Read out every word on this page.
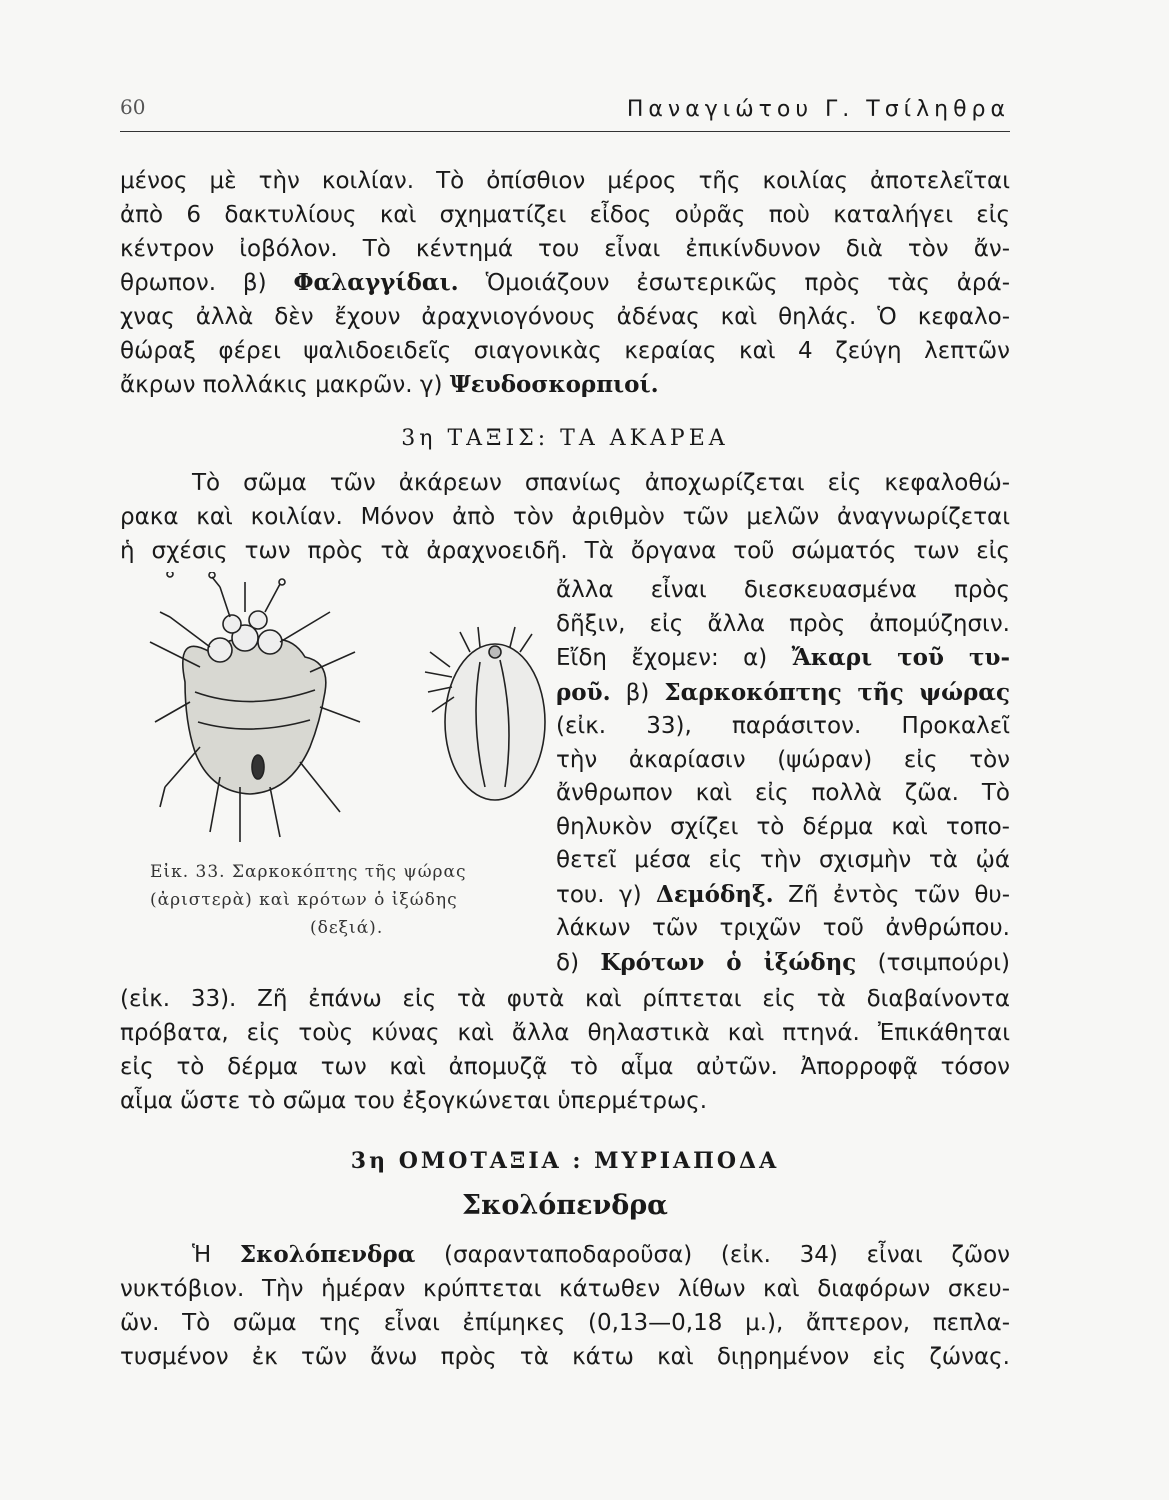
60	Παναγιώτου Γ. Τσίληθρα
μένος μὲ τὴν κοιλίαν. Τὸ ὀπίσθιον μέρος τῆς κοιλίας ἀποτελεῖται
ἀπὸ 6 δακτυλίους καὶ σχηματίζει εἶδος οὐρᾶς ποὺ καταλήγει εἰς
κέντρον ἰοβόλον. Τὸ κέντημά του εἶναι ἐπικίνδυνον διὰ τὸν ἄν-
θρωπον. β) Φαλαγγίδαι. Ὁμοιάζουν ἐσωτερικῶς πρὸς τὰς ἀρά-
χνας ἀλλὰ δὲν ἔχουν ἀραχνιογόνους ἀδένας καὶ θηλάς. Ὁ κεφαλο-
θώραξ φέρει ψαλιδοειδεῖς σιαγονικὰς κεραίας καὶ 4 ζεύγη λεπτῶν
ἄκρων πολλάκις μακρῶν. γ) Ψευδοσκορπιοί.
3η ΤΑΞΙΣ: ΤΑ ΑΚΑΡΕΑ
Τὸ σῶμα τῶν ἀκάρεων σπανίως ἀποχωρίζεται εἰς κεφαλοθώ-
ρακα καὶ κοιλίαν. Μόνον ἀπὸ τὸν ἀριθμὸν τῶν μελῶν ἀναγνωρίζεται
ἡ σχέσις των πρὸς τὰ ἀραχνοειδῆ. Τὰ ὄργανα τοῦ σώματός των εἰς
Εἰκ. 33. Σαρκοκόπτης τῆς ψώρας
(ἀριστερὰ) καὶ κρότων ὁ ἰξώδης
(δεξιά).
ἄλλα εἶναι διεσκευασμένα πρὸς
δῆξιν, εἰς ἄλλα πρὸς ἀπομύζησιν.
Εἴδη ἔχομεν: α) Ἄκαρι τοῦ τυ-
ροῦ. β) Σαρκοκόπτης τῆς ψώρας
(εἰκ. 33), παράσιτον. Προκαλεῖ
τὴν ἀκαρίασιν (ψώραν) εἰς τὸν
ἄνθρωπον καὶ εἰς πολλὰ ζῶα. Τὸ
θηλυκὸν σχίζει τὸ δέρμα καὶ τοπο-
θετεῖ μέσα εἰς τὴν σχισμὴν τὰ ᾠά
του. γ) Δεμόδηξ. Ζῆ ἐντὸς τῶν θυ-
λάκων τῶν τριχῶν τοῦ ἀνθρώπου.
δ) Κρότων ὁ ἰξώδης (τσιμπούρι)
(εἰκ. 33). Ζῆ ἐπάνω εἰς τὰ φυτὰ καὶ ρίπτεται εἰς τὰ διαβαίνοντα
πρόβατα, εἰς τοὺς κύνας καὶ ἄλλα θηλαστικὰ καὶ πτηνά. Ἐπικάθηται
εἰς τὸ δέρμα των καὶ ἀπομυζᾷ τὸ αἷμα αὐτῶν. Ἀπορροφᾷ τόσον
αἷμα ὥστε τὸ σῶμα του ἐξογκώνεται ὑπερμέτρως.
3η ΟΜΟΤΑΞΙΑ : ΜΥΡΙΑΠΟΔΑ
Σκολόπενδρα
Ἡ Σκολόπενδρα (σαρανταποδαροῦσα) (εἰκ. 34) εἶναι ζῶον
νυκτόβιον. Τὴν ἡμέραν κρύπτεται κάτωθεν λίθων καὶ διαφόρων σκευ-
ῶν. Τὸ σῶμα της εἶναι ἐπίμηκες (0,13—0,18 μ.), ἄπτερον, πεπλα-
τυσμένον ἐκ τῶν ἄνω πρὸς τὰ κάτω καὶ διῃρημένον εἰς ζώνας.
